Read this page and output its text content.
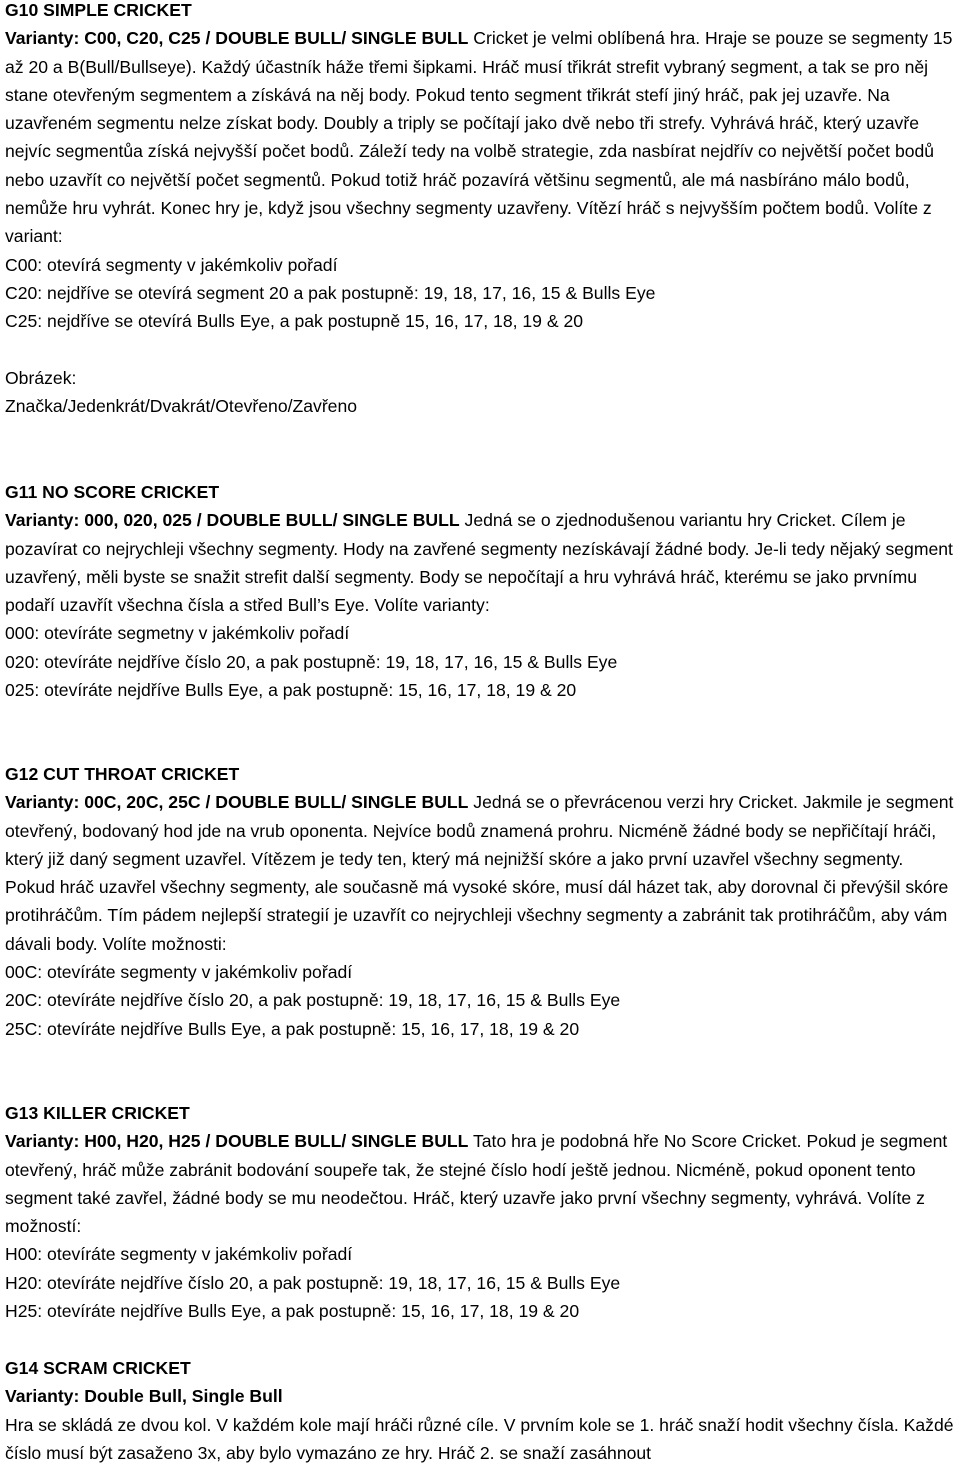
G10 SIMPLE CRICKET

Varianty: C00, C20, C25 / DOUBLE BULL/ SINGLE BULL Cricket je velmi oblíbená hra. Hraje se pouze se segmenty 15 až 20 a B(Bull/Bullseye). Každý účastník háže třemi šipkami. Hráč musí třikrát strefit vybraný segment, a tak se pro něj stane otevřeným segmentem a získává na něj body. Pokud tento segment třikrát stefí jiný hráč, pak jej uzavře. Na uzavřeném segmentu nelze získat body. Doubly a triply se počítají jako dvě nebo tři strefy. Vyhrává hráč, který uzavře nejvíc segmentůa získá nejvyšší počet bodů. Záleží tedy na volbě strategie, zda nasbírat nejdřív co největší počet bodů nebo uzavřít co největší počet segmentů. Pokud totiž hráč pozavírá většinu segmentů, ale má nasbíráno málo bodů, nemůže hru vyhrát. Konec hry je, když jsou všechny segmenty uzavřeny. Vítězí hráč s nejvyšším počtem bodů. Volíte z variant:

C00: otevírá segmenty v jakémkoliv pořadí
C20: nejdříve se otevírá segment 20 a pak postupně: 19, 18, 17, 16, 15 & Bulls Eye
C25: nejdříve se otevírá Bulls Eye, a pak postupně 15, 16, 17, 18, 19 & 20
Obrázek:
Značka/Jedenkrát/Dvakrát/Otevřeno/Zavřeno
G11 NO SCORE CRICKET

Varianty: 000, 020, 025 / DOUBLE BULL/ SINGLE BULL Jedná se o zjednodušenou variantu hry Cricket. Cílem je pozavírat co nejrychleji všechny segmenty. Hody na zavřené segmenty nezískávají žádné body. Je-li tedy nějaký segment uzavřený, měli byste se snažit strefit další segmenty. Body se nepočítají a hru vyhrává hráč, kterému se jako prvnímu podaří uzavřít všechna čísla a střed Bull’s Eye. Volíte varianty:

000: otevíráte segmetny v jakémkoliv pořadí
020: otevíráte nejdříve číslo 20, a pak postupně: 19, 18, 17, 16, 15 & Bulls Eye
025: otevíráte nejdříve Bulls Eye, a pak postupně: 15, 16, 17, 18, 19 & 20
G12 CUT THROAT CRICKET

Varianty: 00C, 20C, 25C / DOUBLE BULL/ SINGLE BULL Jedná se o převrácenou verzi hry Cricket. Jakmile je segment otevřený, bodovaný hod jde na vrub oponenta. Nejvíce bodů znamená prohru. Nicméně žádné body se nepřičítají hráči, který již daný segment uzavřel. Vítězem je tedy ten, který má nejnižší skóre a jako první uzavřel všechny segmenty. Pokud hráč uzavřel všechny segmenty, ale současně má vysoké skóre, musí dál házet tak, aby dorovnal či převýšil skóre protihráčům. Tím pádem nejlepší strategií je uzavřít co nejrychleji všechny segmenty a zabránit tak protihráčům, aby vám dávali body. Volíte možnosti:

00C: otevíráte segmenty v jakémkoliv pořadí
20C: otevíráte nejdříve číslo 20, a pak postupně: 19, 18, 17, 16, 15 & Bulls Eye
25C: otevíráte nejdříve Bulls Eye, a pak postupně: 15, 16, 17, 18, 19 & 20
G13 KILLER CRICKET

Varianty: H00, H20, H25 / DOUBLE BULL/ SINGLE BULL Tato hra je podobná hře No Score Cricket. Pokud je segment otevřený, hráč může zabránit bodování soupeře tak, že stejné číslo hodí ještě jednou. Nicméně, pokud oponent tento segment také zavřel, žádné body se mu neodečtou. Hráč, který uzavře jako první všechny segmenty, vyhrává. Volíte z možností:

H00: otevíráte segmenty v jakémkoliv pořadí
H20: otevíráte nejdříve číslo 20, a pak postupně: 19, 18, 17, 16, 15 & Bulls Eye
H25: otevíráte nejdříve Bulls Eye, a pak postupně: 15, 16, 17, 18, 19 & 20
G14 SCRAM CRICKET

Varianty: Double Bull, Single Bull

Hra se skládá ze dvou kol. V každém kole mají hráči různé cíle. V prvním kole se 1. hráč snaží hodit všechny čísla. Každé číslo musí být zasaženo 3x, aby bylo vymazáno ze hry. Hráč 2. se snaží zasáhnout
